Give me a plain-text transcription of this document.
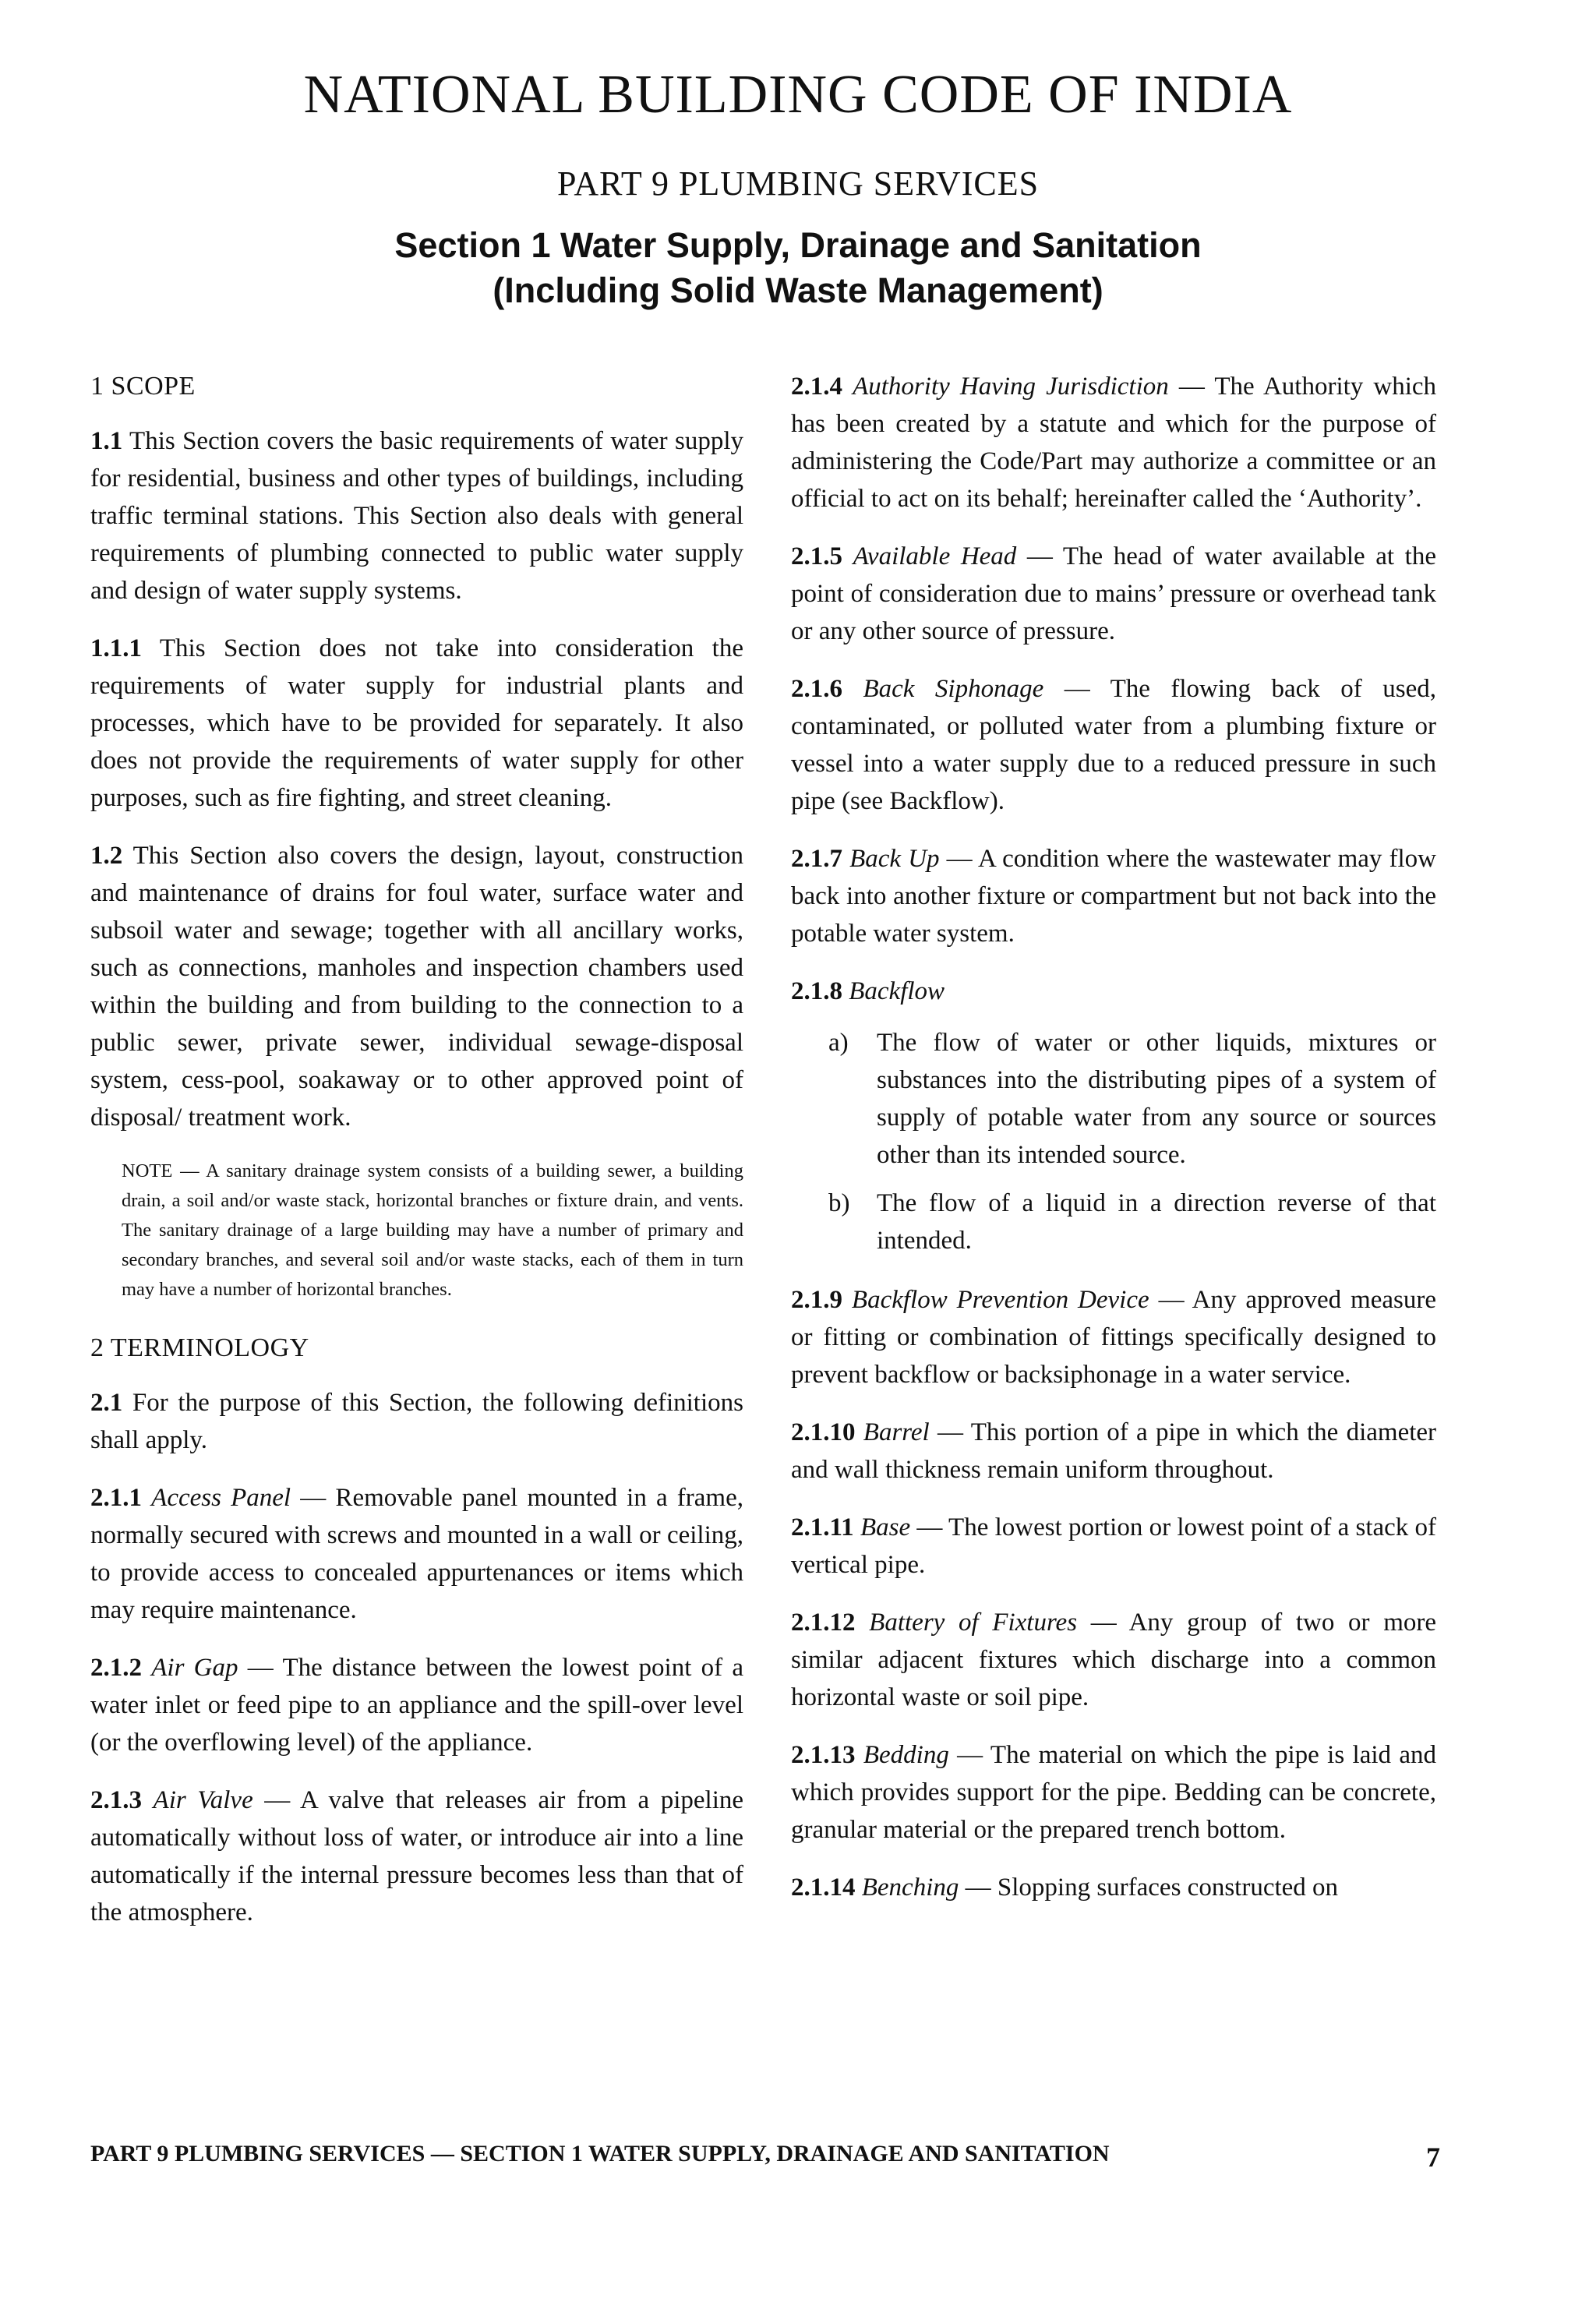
NATIONAL BUILDING CODE OF INDIA
PART 9 PLUMBING SERVICES
Section 1 Water Supply, Drainage and Sanitation
(Including Solid Waste Management)
1 SCOPE

1.1 This Section covers the basic requirements of water supply for residential, business and other types of buildings, including traffic terminal stations. This Section also deals with general requirements of plumbing connected to public water supply and design of water supply systems.

1.1.1 This Section does not take into consideration the requirements of water supply for industrial plants and processes, which have to be provided for separately. It also does not provide the requirements of water supply for other purposes, such as fire fighting, and street cleaning.

1.2 This Section also covers the design, layout, construction and maintenance of drains for foul water, surface water and subsoil water and sewage; together with all ancillary works, such as connections, manholes and inspection chambers used within the building and from building to the connection to a public sewer, private sewer, individual sewage-disposal system, cess-pool, soakaway or to other approved point of disposal/ treatment work.

NOTE — A sanitary drainage system consists of a building sewer, a building drain, a soil and/or waste stack, horizontal branches or fixture drain, and vents. The sanitary drainage of a large building may have a number of primary and secondary branches, and several soil and/or waste stacks, each of them in turn may have a number of horizontal branches.

2 TERMINOLOGY

2.1 For the purpose of this Section, the following definitions shall apply.

2.1.1 Access Panel — Removable panel mounted in a frame, normally secured with screws and mounted in a wall or ceiling, to provide access to concealed appurtenances or items which may require maintenance.

2.1.2 Air Gap — The distance between the lowest point of a water inlet or feed pipe to an appliance and the spill-over level (or the overflowing level) of the appliance.

2.1.3 Air Valve — A valve that releases air from a pipeline automatically without loss of water, or introduce air into a line automatically if the internal pressure becomes less than that of the atmosphere.

2.1.4 Authority Having Jurisdiction — The Authority which has been created by a statute and which for the purpose of administering the Code/Part may authorize a committee or an official to act on its behalf; hereinafter called the ‘Authority’.

2.1.5 Available Head — The head of water available at the point of consideration due to mains’ pressure or overhead tank or any other source of pressure.

2.1.6 Back Siphonage — The flowing back of used, contaminated, or polluted water from a plumbing fixture or vessel into a water supply due to a reduced pressure in such pipe (see Backflow).

2.1.7 Back Up — A condition where the wastewater may flow back into another fixture or compartment but not back into the potable water system.

2.1.8 Backflow

a)	The flow of water or other liquids, mixtures or substances into the distributing pipes of a system of supply of potable water from any source or sources other than its intended source.
b)	The flow of a liquid in a direction reverse of that intended.

2.1.9 Backflow Prevention Device — Any approved measure or fitting or combination of fittings specifically designed to prevent backflow or backsiphonage in a water service.

2.1.10 Barrel — This portion of a pipe in which the diameter and wall thickness remain uniform throughout.

2.1.11 Base — The lowest portion or lowest point of a stack of vertical pipe.

2.1.12 Battery of Fixtures — Any group of two or more similar adjacent fixtures which discharge into a common horizontal waste or soil pipe.

2.1.13 Bedding — The material on which the pipe is laid and which provides support for the pipe. Bedding can be concrete, granular material or the prepared trench bottom.

2.1.14 Benching — Slopping surfaces constructed on

PART 9 PLUMBING SERVICES — SECTION 1 WATER SUPPLY, DRAINAGE AND SANITATION	7
